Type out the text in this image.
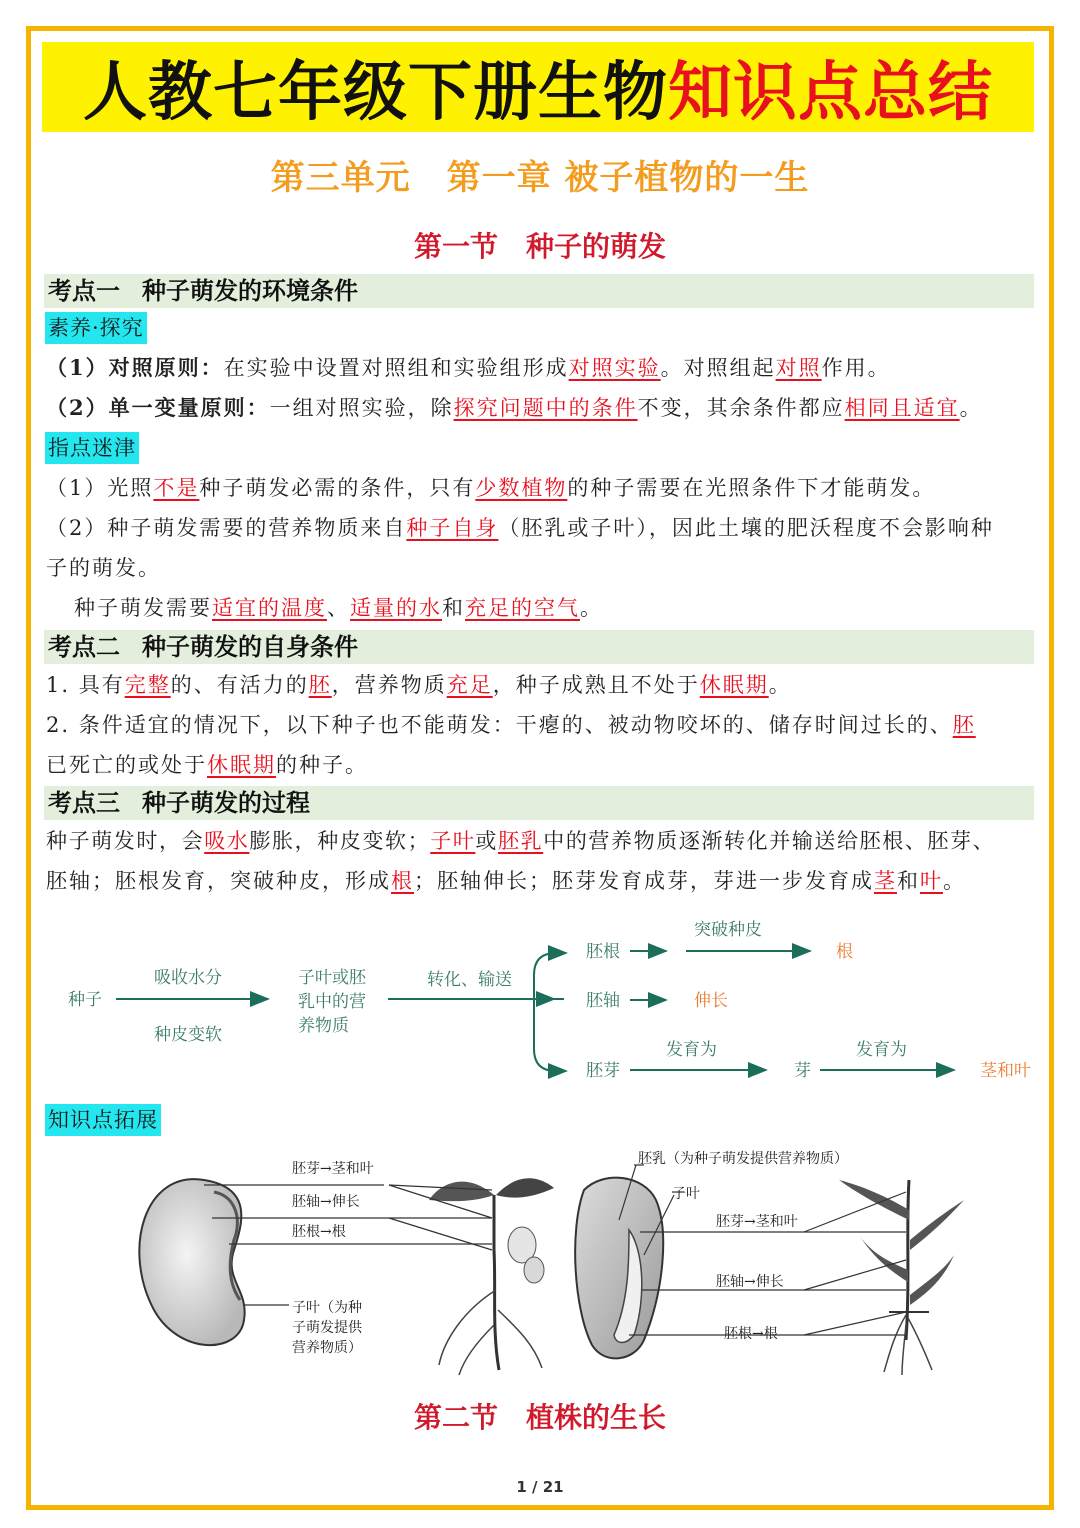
人教七年级下册生物 知识点总结
第三单元 第一章 被子植物的一生
第一节 种子的萌发
考点一 种子萌发的环境条件
素养·探究
（1）对照原则：在实验中设置对照组和实验组形成对照实验。对照组起对照作用。
（2）单一变量原则：一组对照实验，除探究问题中的条件不变，其余条件都应相同且适宜。
指点迷津
（1）光照不是种子萌发必需的条件，只有少数植物的种子需要在光照条件下才能萌发。
（2）种子萌发需要的营养物质来自种子自身（胚乳或子叶），因此土壤的肥沃程度不会影响种
子的萌发。
种子萌发需要适宜的温度、适量的水和充足的空气。
考点二 种子萌发的自身条件
1. 具有完整的、有活力的胚，营养物质充足，种子成熟且不处于休眠期。
2. 条件适宜的情况下，以下种子也不能萌发：干瘪的、被动物咬坏的、储存时间过长的、胚
已死亡的或处于休眠期的种子。
考点三 种子萌发的过程
种子萌发时，会吸水膨胀，种皮变软；子叶或胚乳中的营养物质逐渐转化并输送给胚根、胚芽、
胚轴；胚根发育，突破种皮，形成根；胚轴伸长；胚芽发育成芽，芽进一步发育成茎和叶。
种子
吸收水分
种皮变软
子叶或胚
乳中的营
养物质
转化、输送
胚根
突破种皮
胚轴
胚芽
发育为
芽
发育为
根
伸长
茎和叶
知识点拓展
胚芽→茎和叶
胚轴→伸长
胚根→根
子叶（为种
子萌发提供
营养物质）
胚乳（为种子萌发提供营养物质）
子叶
胚芽→茎和叶
胚轴→伸长
胚根→根
第二节 植株的生长
1 / 21
